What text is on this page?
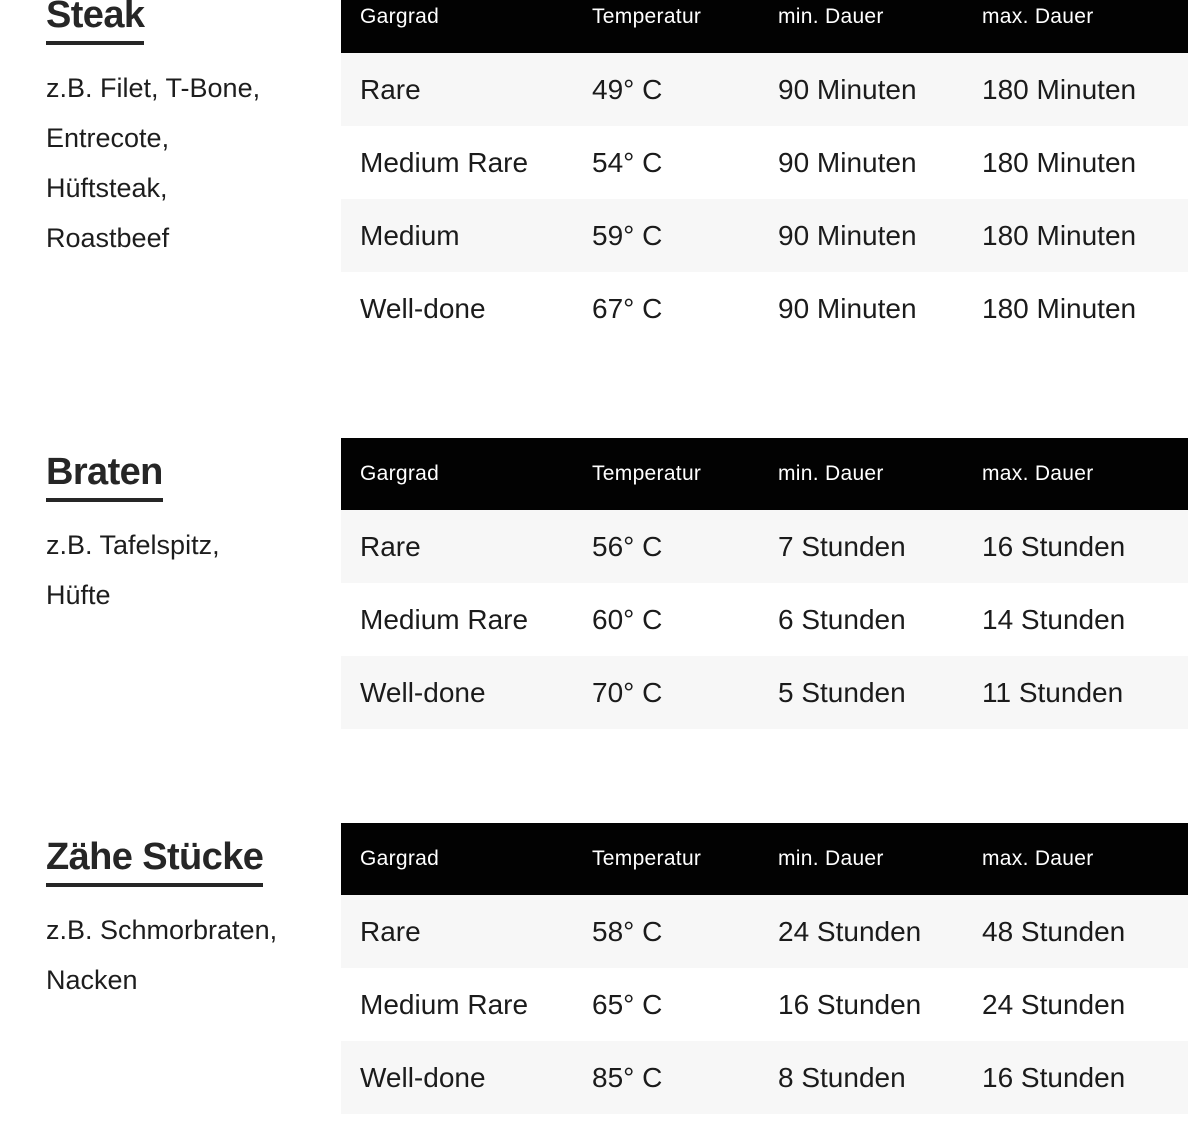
Steak
z.B. Filet, T-Bone,
Entrecote,
Hüftsteak,
Roastbeef
Gargrad	Temperatur	min. Dauer	max. Dauer
Rare	49° C	90 Minuten	180 Minuten
Medium Rare	54° C	90 Minuten	180 Minuten
Medium	59° C	90 Minuten	180 Minuten
Well-done	67° C	90 Minuten	180 Minuten
Braten
z.B. Tafelspitz,
Hüfte
Gargrad	Temperatur	min. Dauer	max. Dauer
Rare	56° C	7 Stunden	16 Stunden
Medium Rare	60° C	6 Stunden	14 Stunden
Well-done	70° C	5 Stunden	11 Stunden
Zähe Stücke
z.B. Schmorbraten,
Nacken
Gargrad	Temperatur	min. Dauer	max. Dauer
Rare	58° C	24 Stunden	48 Stunden
Medium Rare	65° C	16 Stunden	24 Stunden
Well-done	85° C	8 Stunden	16 Stunden
